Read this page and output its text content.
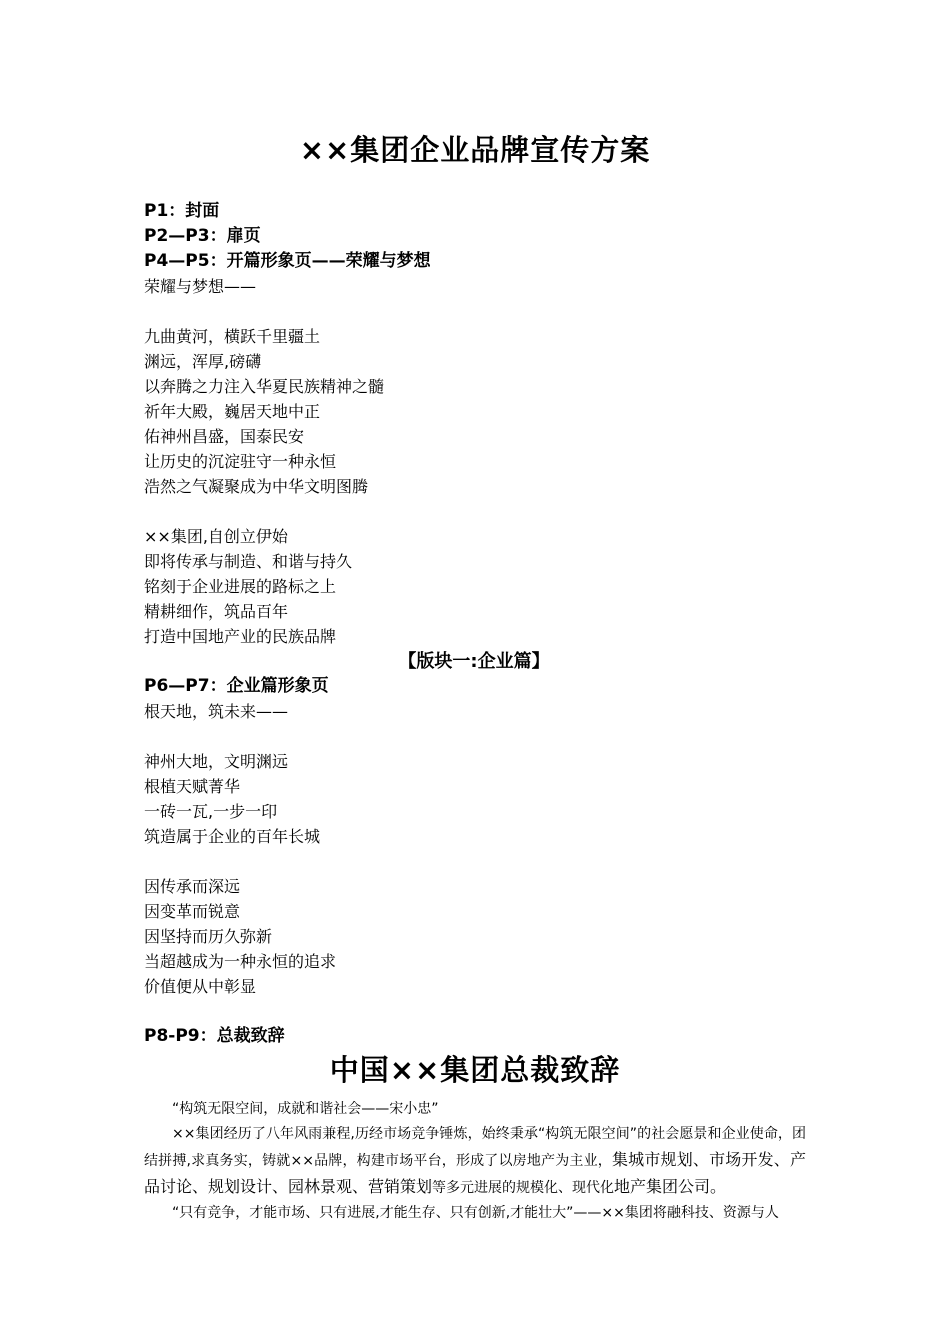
××集团企业品牌宣传方案
P1：封面
P2—P3：扉页
P4—P5：开篇形象页——荣耀与梦想
荣耀与梦想——
九曲黄河，横跃千里疆土
渊远，浑厚,磅礴
以奔腾之力注入华夏民族精神之髓
祈年大殿，巍居天地中正
佑神州昌盛，国泰民安
让历史的沉淀驻守一种永恒
浩然之气凝聚成为中华文明图腾
××集团,自创立伊始
即将传承与制造、和谐与持久
铭刻于企业进展的路标之上
精耕细作，筑品百年
打造中国地产业的民族品牌
【版块一:企业篇】
P6—P7：企业篇形象页
根天地，筑未来——
神州大地，文明渊远
根植天赋菁华
一砖一瓦,一步一印
筑造属于企业的百年长城
因传承而深远
因变革而锐意
因坚持而历久弥新
当超越成为一种永恒的追求
价值便从中彰显
P8-P9：总裁致辞
中国××集团总裁致辞

“构筑无限空间，成就和谐社会——宋小忠”

××集团经历了八年风雨兼程,历经市场竞争锤炼，始终秉承“构筑无限空间”的社会愿景和企业使命，团结拼搏,求真务实，铸就××品牌，构建市场平台，形成了以房地产为主业，集城市规划、市场开发、产品讨论、规划设计、园林景观、营销策划等多元进展的规模化、现代化地产集团公司。

“只有竞争，才能市场、只有进展,才能生存、只有创新,才能壮大”——××集团将融科技、资源与人
